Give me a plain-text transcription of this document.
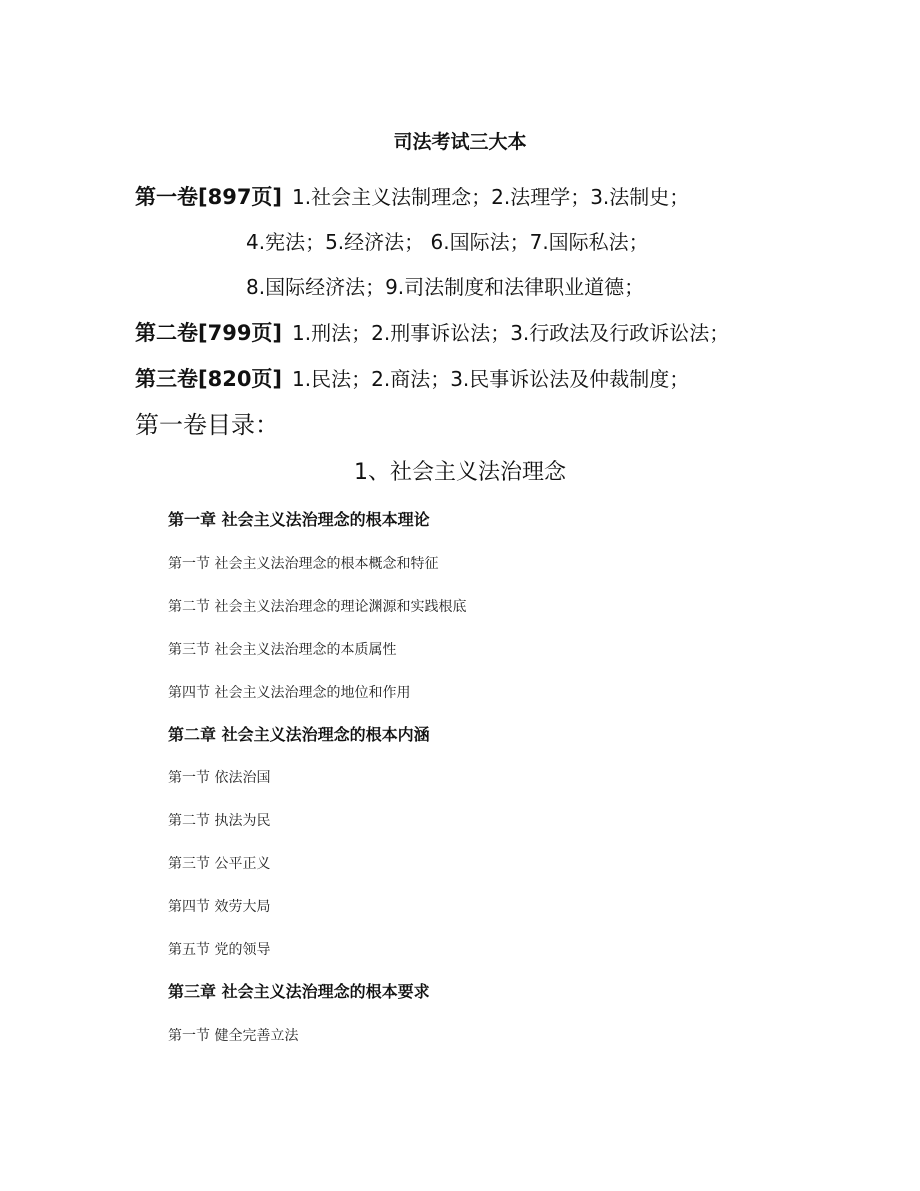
司法考试三大本
第一卷[897页] 1.社会主义法制理念；2.法理学；3.法制史；
4.宪法；5.经济法； 6.国际法；7.国际私法；
8.国际经济法；9.司法制度和法律职业道德；
第二卷[799页] 1.刑法；2.刑事诉讼法；3.行政法及行政诉讼法；
第三卷[820页] 1.民法；2.商法；3.民事诉讼法及仲裁制度；
第一卷目录：
1、社会主义法治理念
第一章 社会主义法治理念的根本理论
第一节 社会主义法治理念的根本概念和特征
第二节 社会主义法治理念的理论渊源和实践根底
第三节 社会主义法治理念的本质属性
第四节 社会主义法治理念的地位和作用
第二章 社会主义法治理念的根本内涵
第一节 依法治国
第二节 执法为民
第三节 公平正义
第四节 效劳大局
第五节 党的领导
第三章 社会主义法治理念的根本要求
第一节 健全完善立法
